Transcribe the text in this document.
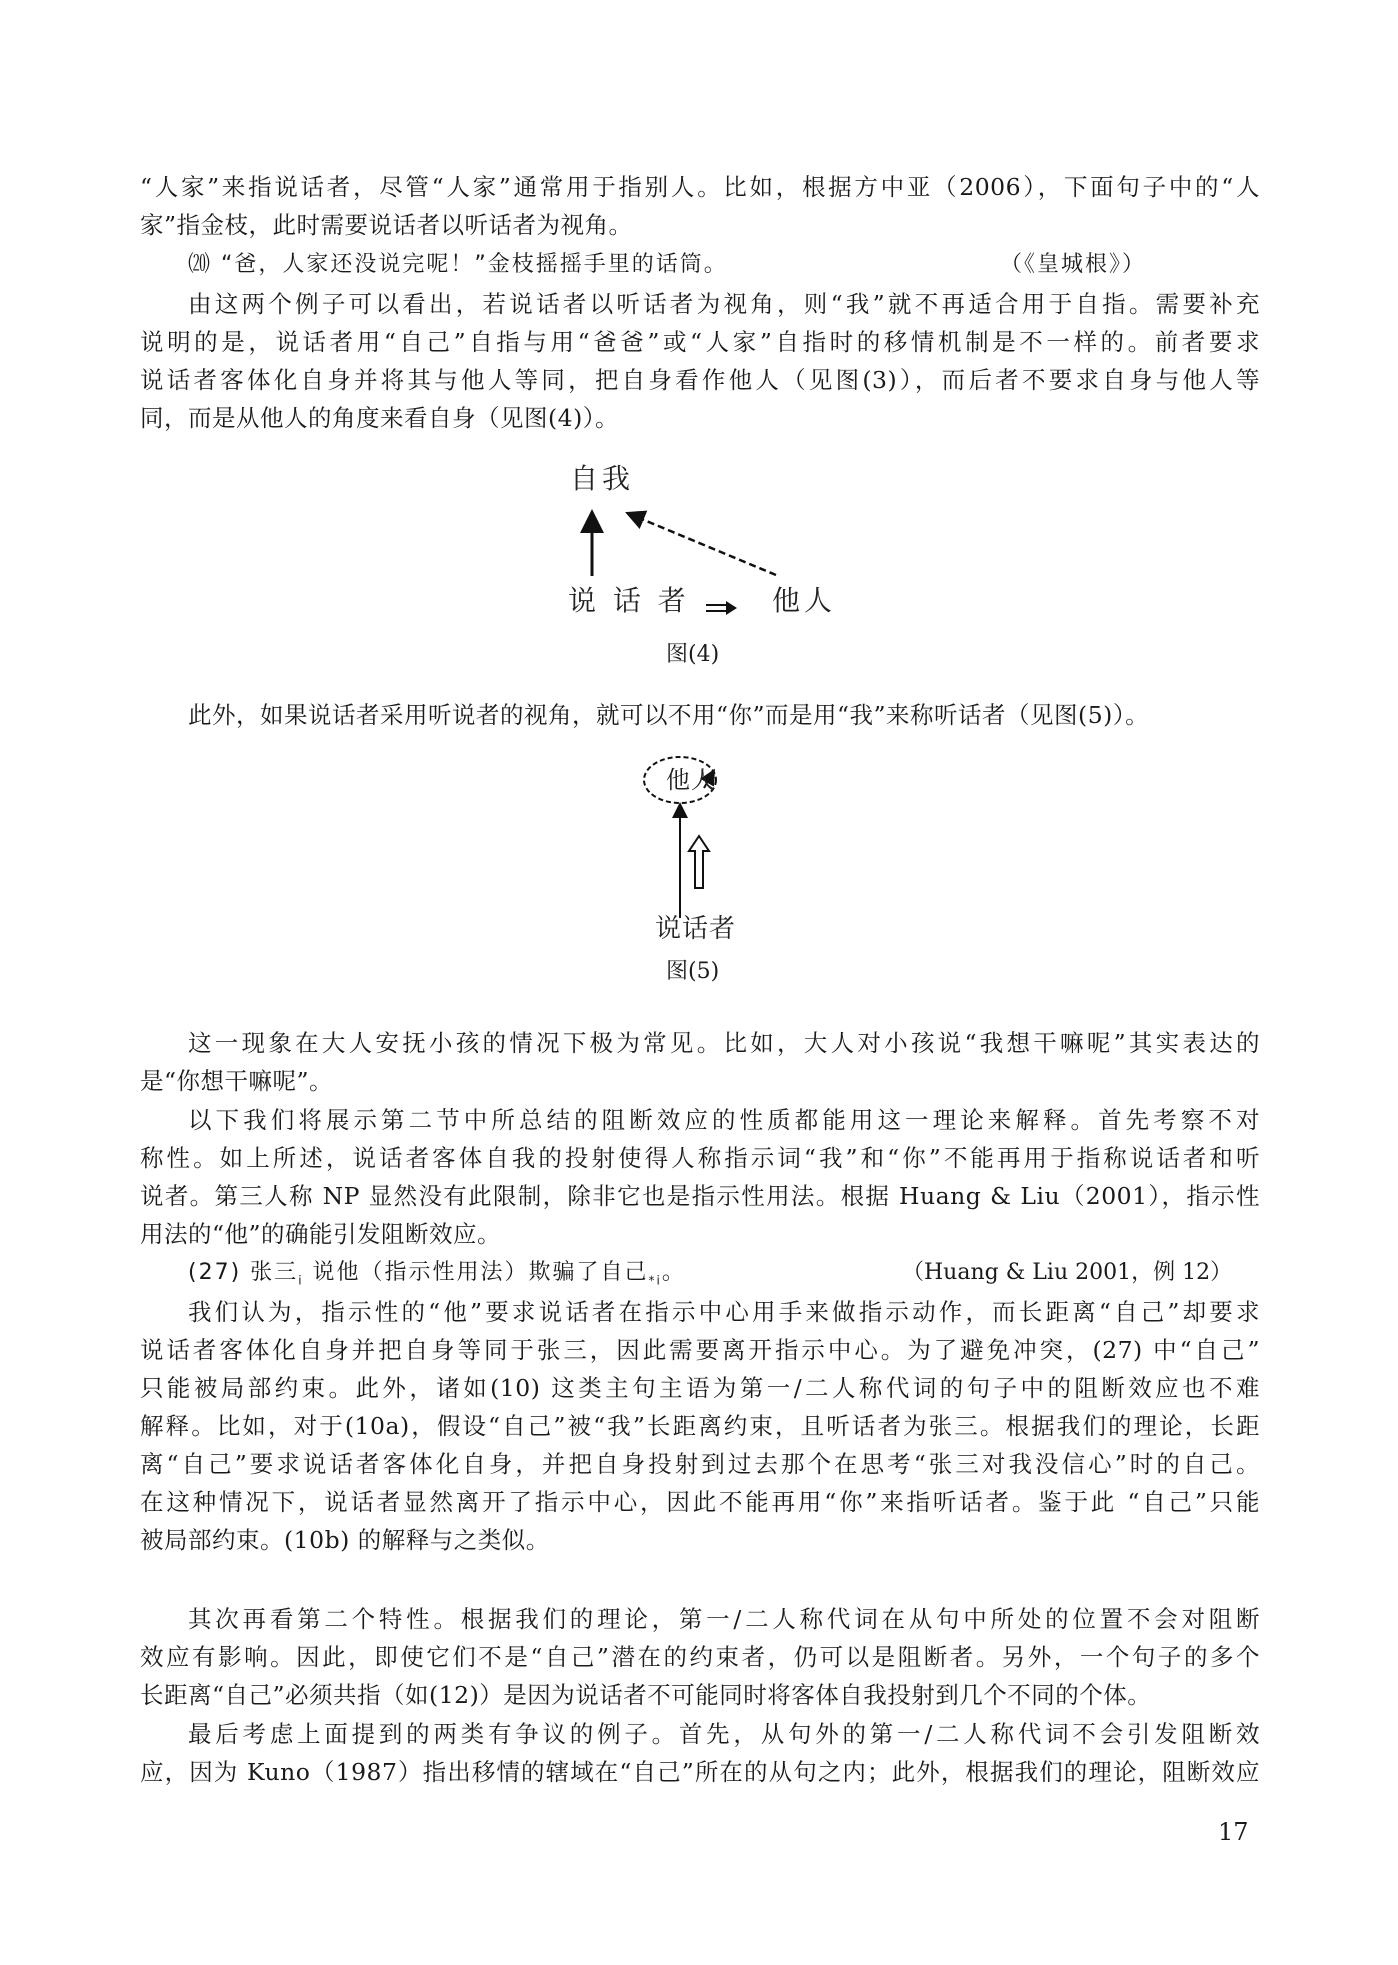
“人家”来指说话者，尽管“人家”通常用于指别人。比如，根据方中亚（2006），下面句子中的“人
家”指金枝，此时需要说话者以听话者为视角。
⒇ “爸，人家还没说完呢！”金枝摇摇手里的话筒。	（《皇城根》）
由这两个例子可以看出，若说话者以听话者为视角，则“我”就不再适合用于自指。需要补充
说明的是，说话者用“自己”自指与用“爸爸”或“人家”自指时的移情机制是不一样的。前者要求
说话者客体化自身并将其与他人等同，把自身看作他人（见图(3)），而后者不要求自身与他人等
同，而是从他人的角度来看自身（见图(4)）。
自我
说 话 者	他人
图(4)
此外，如果说话者采用听说者的视角，就可以不用“你”而是用“我”来称听话者（见图(5)）。
他人
说话者
图(5)
这一现象在大人安抚小孩的情况下极为常见。比如，大人对小孩说“我想干嘛呢”其实表达的
是“你想干嘛呢”。
以下我们将展示第二节中所总结的阻断效应的性质都能用这一理论来解释。首先考察不对
称性。如上所述，说话者客体自我的投射使得人称指示词“我”和“你”不能再用于指称说话者和听
说者。第三人称 NP 显然没有此限制，除非它也是指示性用法。根据 Huang & Liu（2001），指示性
用法的“他”的确能引发阻断效应。
(27) 张三$_i$ 说他（指示性用法）欺骗了自己$_{*i}$。	（Huang & Liu 2001，例 12）
我们认为，指示性的“他”要求说话者在指示中心用手来做指示动作，而长距离“自己”却要求
说话者客体化自身并把自身等同于张三，因此需要离开指示中心。为了避免冲突，(27) 中“自己”
只能被局部约束。此外，诸如(10) 这类主句主语为第一/二人称代词的句子中的阻断效应也不难
解释。比如，对于(10a)，假设“自己”被“我”长距离约束，且听话者为张三。根据我们的理论，长距
离“自己”要求说话者客体化自身，并把自身投射到过去那个在思考“张三对我没信心”时的自己。
在这种情况下，说话者显然离开了指示中心，因此不能再用“你”来指听话者。鉴于此 “自己”只能
被局部约束。(10b) 的解释与之类似。
其次再看第二个特性。根据我们的理论，第一/二人称代词在从句中所处的位置不会对阻断
效应有影响。因此，即使它们不是“自己”潜在的约束者，仍可以是阻断者。另外，一个句子的多个
长距离“自己”必须共指（如(12)）是因为说话者不可能同时将客体自我投射到几个不同的个体。
最后考虑上面提到的两类有争议的例子。首先，从句外的第一/二人称代词不会引发阻断效
应，因为 Kuno（1987）指出移情的辖域在“自己”所在的从句之内；此外，根据我们的理论，阻断效应
17
